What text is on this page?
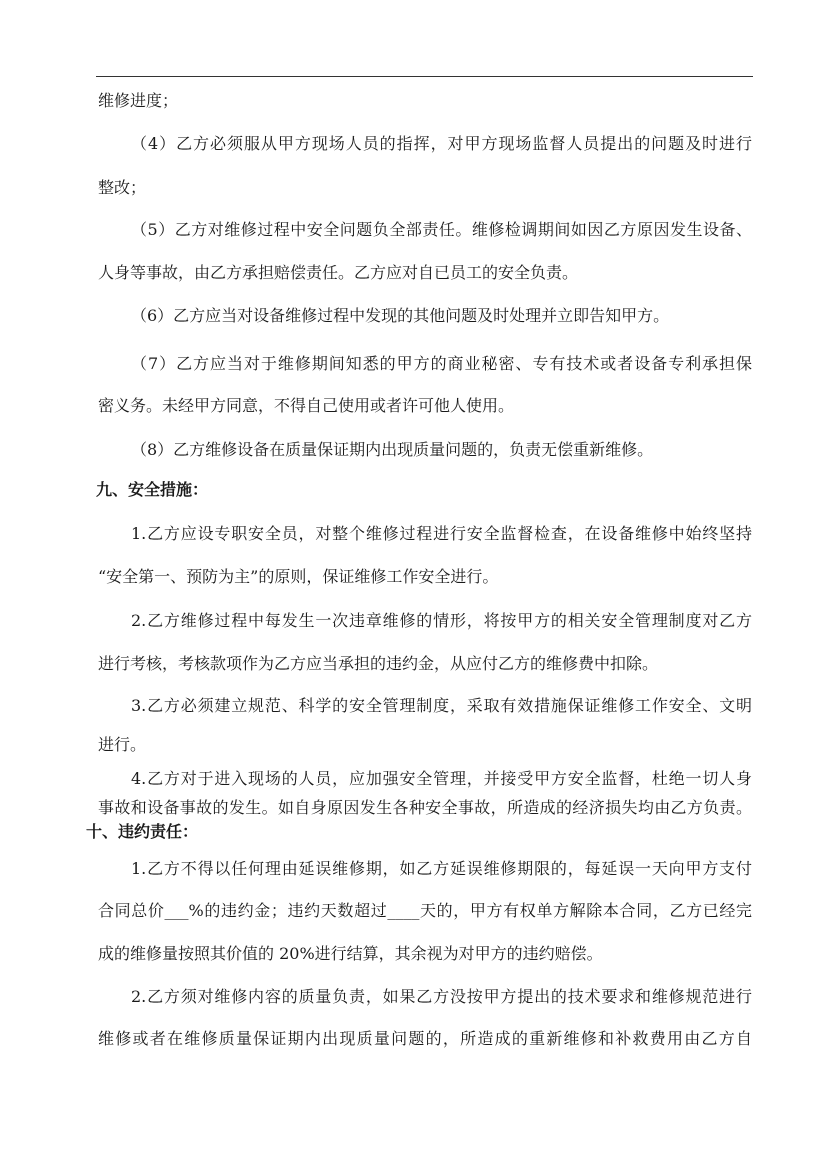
维修进度；
（4）乙方必须服从甲方现场人员的指挥，对甲方现场监督人员提出的问题及时进行
整改；
（5）乙方对维修过程中安全问题负全部责任。维修检调期间如因乙方原因发生设备、
人身等事故，由乙方承担赔偿责任。乙方应对自已员工的安全负责。
（6）乙方应当对设备维修过程中发现的其他问题及时处理并立即告知甲方。
（7）乙方应当对于维修期间知悉的甲方的商业秘密、专有技术或者设备专利承担保
密义务。未经甲方同意，不得自己使用或者许可他人使用。
（8）乙方维修设备在质量保证期内出现质量问题的，负责无偿重新维修。
九、安全措施：
1.乙方应设专职安全员，对整个维修过程进行安全监督检查，在设备维修中始终坚持
“安全第一、预防为主”的原则，保证维修工作安全进行。
2.乙方维修过程中每发生一次违章维修的情形，将按甲方的相关安全管理制度对乙方
进行考核，考核款项作为乙方应当承担的违约金，从应付乙方的维修费中扣除。
3.乙方必须建立规范、科学的安全管理制度，采取有效措施保证维修工作安全、文明
进行。
4.乙方对于进入现场的人员，应加强安全管理，并接受甲方安全监督，杜绝一切人身
事故和设备事故的发生。如自身原因发生各种安全事故，所造成的经济损失均由乙方负责。
十、违约责任：
1.乙方不得以任何理由延误维修期，如乙方延误维修期限的，每延误一天向甲方支付
合同总价___%的违约金；违约天数超过____天的，甲方有权单方解除本合同，乙方已经完
成的维修量按照其价值的 20%进行结算，其余视为对甲方的违约赔偿。
2.乙方须对维修内容的质量负责，如果乙方没按甲方提出的技术要求和维修规范进行
维修或者在维修质量保证期内出现质量问题的，所造成的重新维修和补救费用由乙方自
